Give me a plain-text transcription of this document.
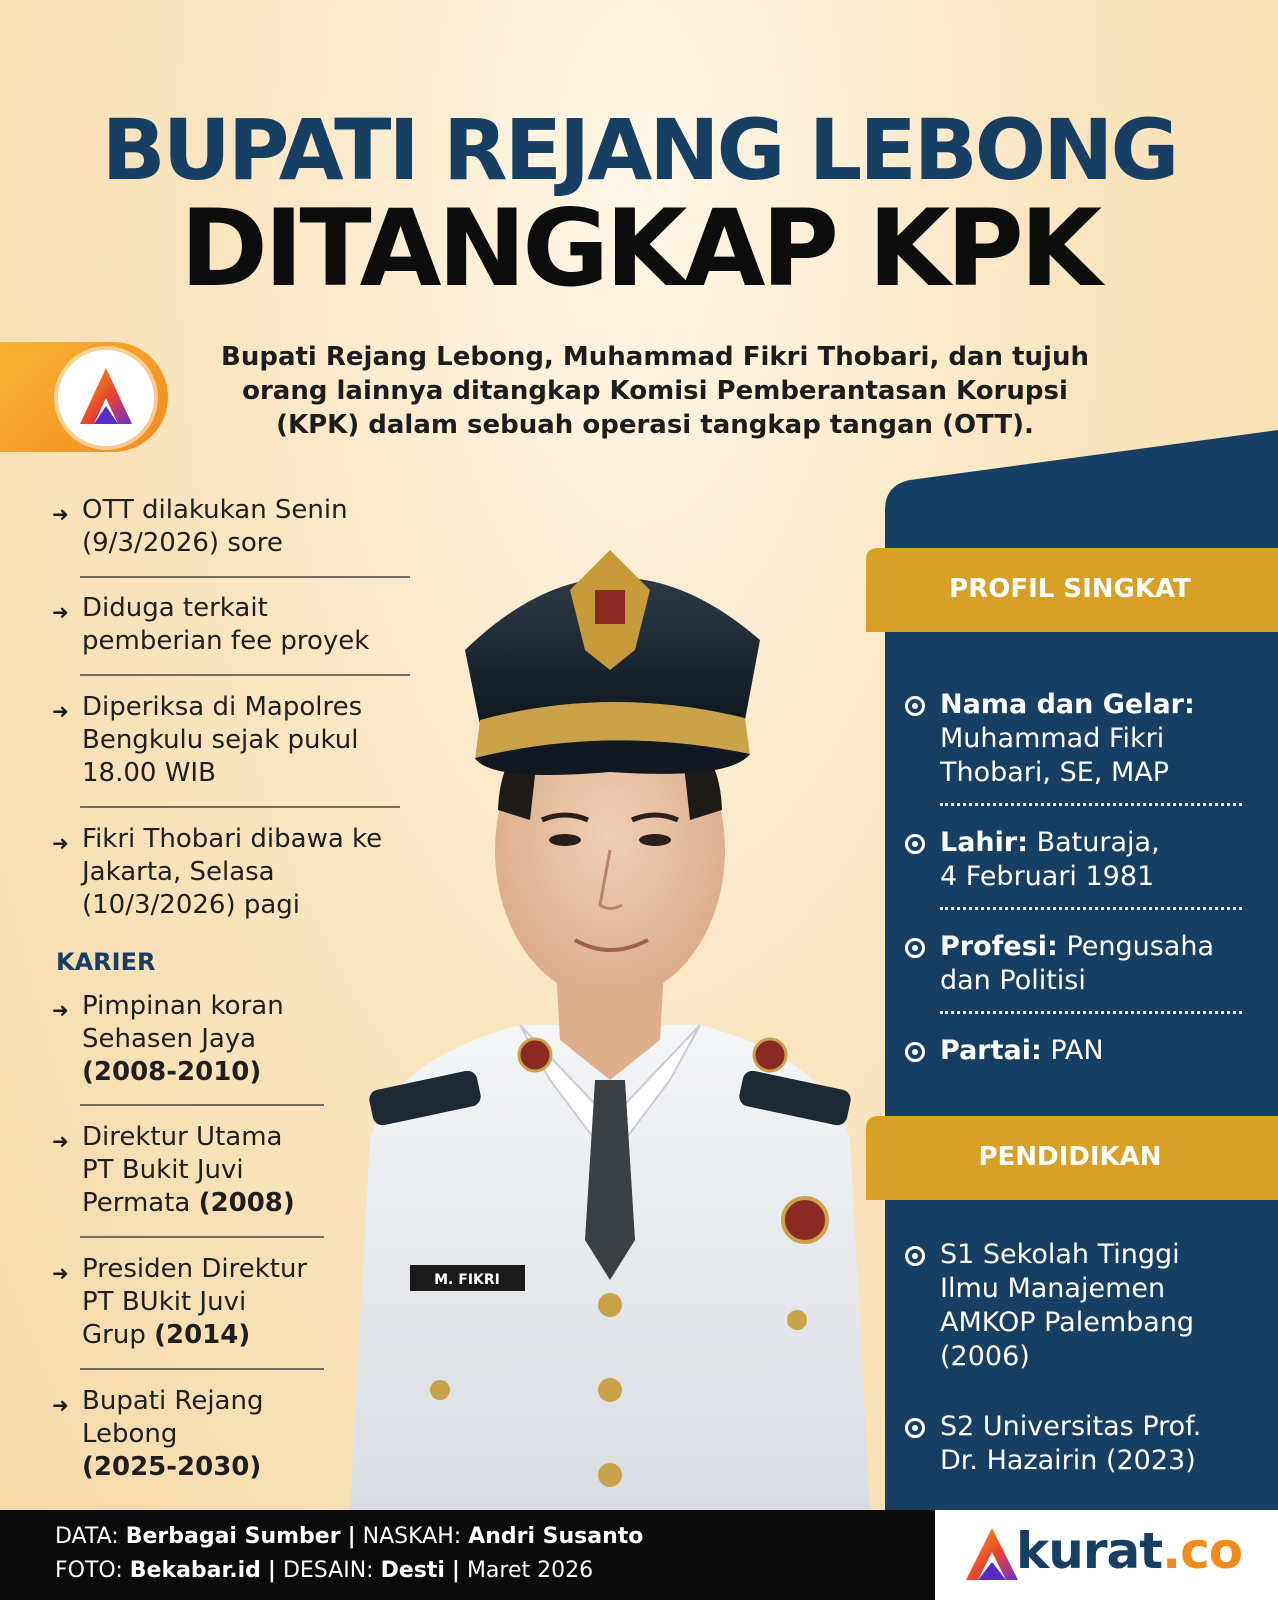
BUPATI REJANG LEBONG
DITANGKAP KPK
Bupati Rejang Lebong, Muhammad Fikri Thobari, dan tujuh
orang lainnya ditangkap Komisi Pemberantasan Korupsi
(KPK) dalam sebuah operasi tangkap tangan (OTT).
➜ OTT dilakukan Senin
(9/3/2026) sore
➜ Diduga terkait
pemberian fee proyek
➜ Diperiksa di Mapolres
Bengkulu sejak pukul
18.00 WIB
➜ Fikri Thobari dibawa ke
Jakarta, Selasa
(10/3/2026) pagi
KARIER
➜ Pimpinan koran
Sehasen Jaya
(2008-2010)
➜ Direktur Utama
PT Bukit Juvi
Permata (2008)
➜ Presiden Direktur
PT BUkit Juvi
Grup (2014)
➜ Bupati Rejang
Lebong
(2025-2030)
M. FIKRI
PROFIL SINGKAT
Nama dan Gelar:
Muhammad Fikri
Thobari, SE, MAP
Lahir: Baturaja,
4 Februari 1981
Profesi: Pengusaha
dan Politisi
Partai: PAN
PENDIDIKAN
S1 Sekolah Tinggi
Ilmu Manajemen
AMKOP Palembang
(2006)
S2 Universitas Prof.
Dr. Hazairin (2023)
DATA: Berbagai Sumber | NASKAH: Andri Susanto
FOTO: Bekabar.id | DESAIN: Desti | Maret 2026	kurat.co
